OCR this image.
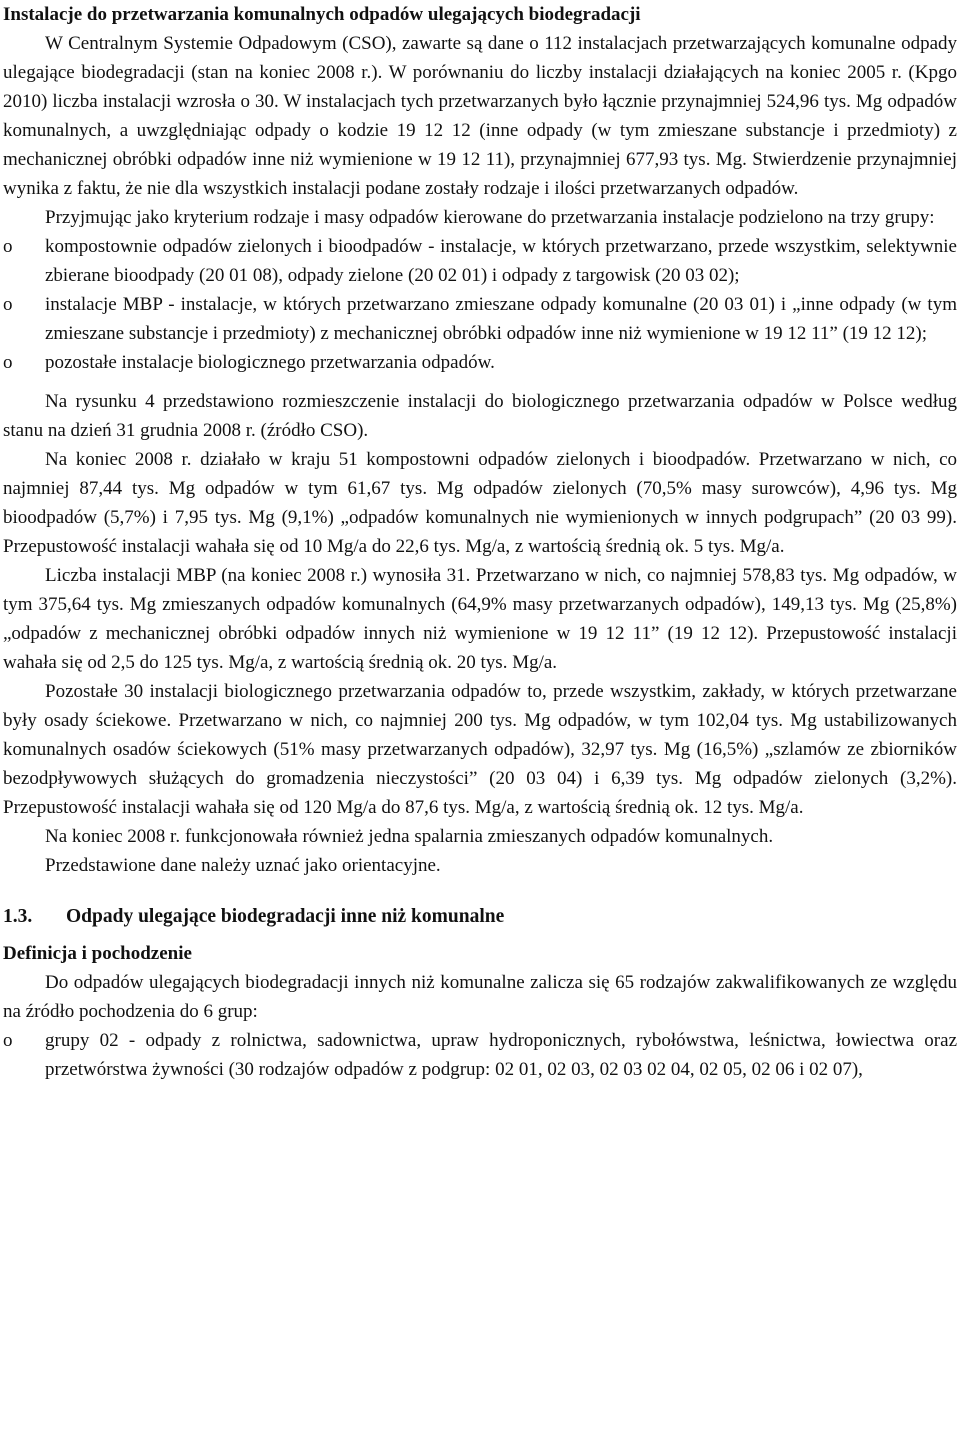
Instalacje do przetwarzania komunalnych odpadów ulegających biodegradacji

W Centralnym Systemie Odpadowym (CSO), zawarte są dane o 112 instalacjach przetwarzających komunalne odpady ulegające biodegradacji (stan na koniec 2008 r.). W porównaniu do liczby instalacji działających na koniec 2005 r. (Kpgo 2010) liczba instalacji wzrosła o 30. W instalacjach tych przetwarzanych było łącznie przynajmniej 524,96 tys. Mg odpadów komunalnych, a uwzględniając odpady o kodzie 19 12 12 (inne odpady (w tym zmieszane substancje i przedmioty) z mechanicznej obróbki odpadów inne niż wymienione w 19 12 11), przynajmniej 677,93 tys. Mg. Stwierdzenie przynajmniej wynika z faktu, że nie dla wszystkich instalacji podane zostały rodzaje i ilości przetwarzanych odpadów.

Przyjmując jako kryterium rodzaje i masy odpadów kierowane do przetwarzania instalacje podzielono na trzy grupy:

o	kompostownie odpadów zielonych i bioodpadów - instalacje, w których przetwarzano, przede wszystkim, selektywnie zbierane bioodpady (20 01 08), odpady zielone (20 02 01) i odpady z targowisk (20 03 02);
o	instalacje MBP - instalacje, w których przetwarzano zmieszane odpady komunalne (20 03 01) i „inne odpady (w tym zmieszane substancje i przedmioty) z mechanicznej obróbki odpadów inne niż wymienione w 19 12 11” (19 12 12);
o	pozostałe instalacje biologicznego przetwarzania odpadów.

Na rysunku 4 przedstawiono rozmieszczenie instalacji do biologicznego przetwarzania odpadów w Polsce według stanu na dzień 31 grudnia 2008 r. (źródło CSO).

Na koniec 2008 r. działało w kraju 51 kompostowni odpadów zielonych i bioodpadów. Przetwarzano w nich, co najmniej 87,44 tys. Mg odpadów w tym 61,67 tys. Mg odpadów zielonych (70,5% masy surowców), 4,96 tys. Mg bioodpadów (5,7%) i 7,95 tys. Mg (9,1%) „odpadów komunalnych nie wymienionych w innych podgrupach” (20 03 99). Przepustowość instalacji wahała się od 10 Mg/a do 22,6 tys. Mg/a, z wartością średnią ok. 5 tys. Mg/a.

Liczba instalacji MBP (na koniec 2008 r.) wynosiła 31. Przetwarzano w nich, co najmniej 578,83 tys. Mg odpadów, w tym 375,64 tys. Mg zmieszanych odpadów komunalnych (64,9% masy przetwarzanych odpadów), 149,13 tys. Mg (25,8%) „odpadów z mechanicznej obróbki odpadów innych niż wymienione w 19 12 11” (19 12 12). Przepustowość instalacji wahała się od 2,5 do 125 tys. Mg/a, z wartością średnią ok. 20 tys. Mg/a.

Pozostałe 30 instalacji biologicznego przetwarzania odpadów to, przede wszystkim, zakłady, w których przetwarzane były osady ściekowe. Przetwarzano w nich, co najmniej 200 tys. Mg odpadów, w tym 102,04 tys. Mg ustabilizowanych komunalnych osadów ściekowych (51% masy przetwarzanych odpadów), 32,97 tys. Mg (16,5%) „szlamów ze zbiorników bezodpływowych służących do gromadzenia nieczystości” (20 03 04) i 6,39 tys. Mg odpadów zielonych (3,2%). Przepustowość instalacji wahała się od 120 Mg/a do 87,6 tys. Mg/a, z wartością średnią ok. 12 tys. Mg/a.

Na koniec 2008 r. funkcjonowała również jedna spalarnia zmieszanych odpadów komunalnych.

Przedstawione dane należy uznać jako orientacyjne.

1.3.	Odpady ulegające biodegradacji inne niż komunalne

Definicja i pochodzenie

Do odpadów ulegających biodegradacji innych niż komunalne zalicza się 65 rodzajów zakwalifikowanych ze względu na źródło pochodzenia do 6 grup:

o	grupy 02 - odpady z rolnictwa, sadownictwa, upraw hydroponicznych, rybołówstwa, leśnictwa, łowiectwa oraz przetwórstwa żywności (30 rodzajów odpadów z podgrup: 02 01, 02 03, 02 03 02 04, 02 05, 02 06 i 02 07),
